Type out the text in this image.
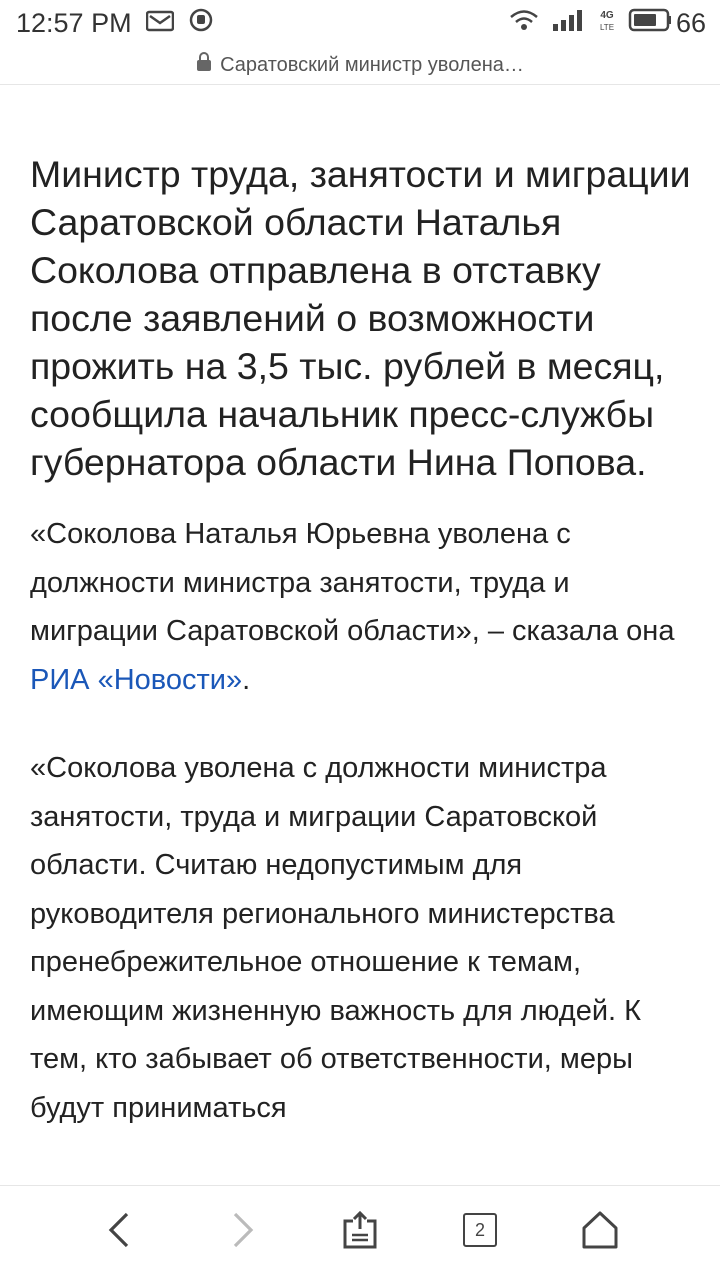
12:57 PM	4G
LTE 66
Саратовский министр уволена…

Министр труда, занятости и миграции Саратовской области Наталья Соколова отправлена в отставку после заявлений о возможности прожить на 3,5 тыс. рублей в месяц, сообщила начальник пресс-службы губернатора области Нина Попова.

«Соколова Наталья Юрьевна уволена с должности министра занятости, труда и миграции Саратовской области», – сказала она РИА «Новости».

«Соколова уволена с должности министра занятости, труда и миграции Саратовской области. Считаю недопустимым для руководителя регионального министерства пренебрежительное отношение к темам, имеющим жизненную важность для людей. К тем, кто забывает об ответственности, меры будут приниматься

2
